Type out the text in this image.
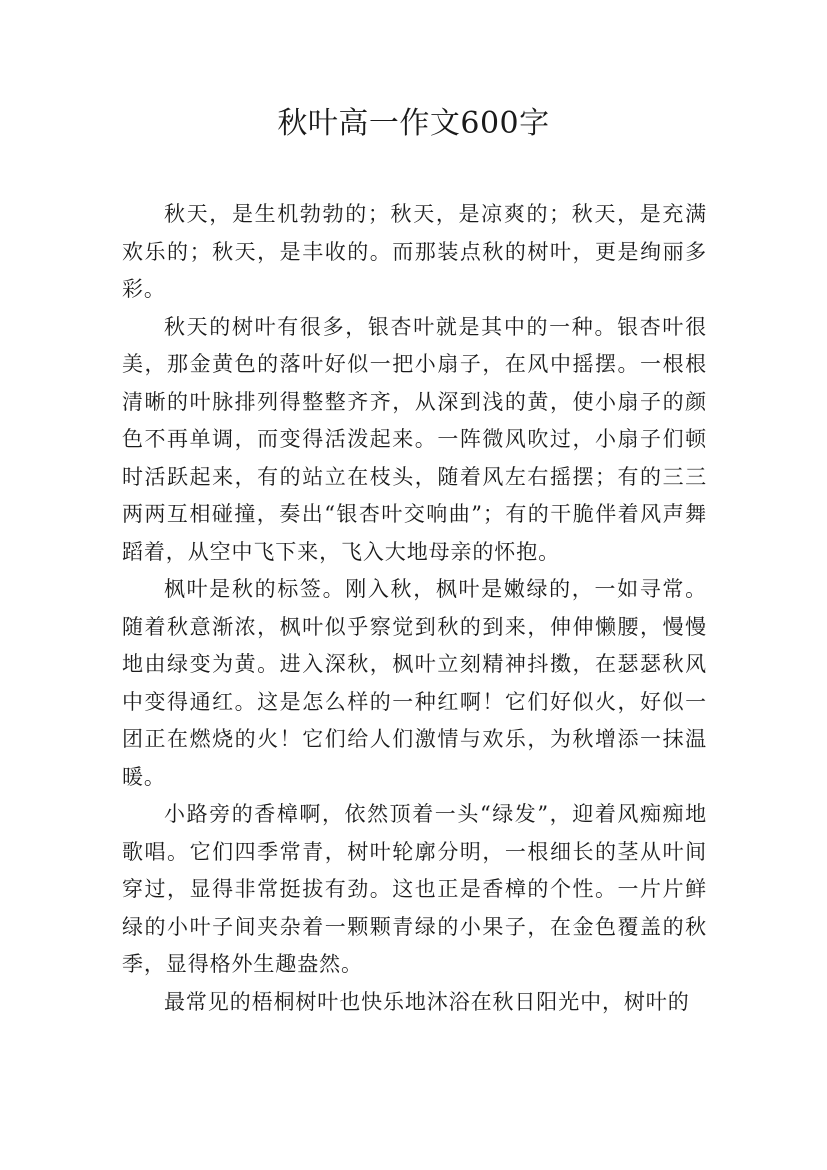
秋叶高一作文600字

秋天，是生机勃勃的；秋天，是凉爽的；秋天，是充满欢乐的；秋天，是丰收的。而那装点秋的树叶，更是绚丽多彩。

秋天的树叶有很多，银杏叶就是其中的一种。银杏叶很美，那金黄色的落叶好似一把小扇子，在风中摇摆。一根根清晰的叶脉排列得整整齐齐，从深到浅的黄，使小扇子的颜色不再单调，而变得活泼起来。一阵微风吹过，小扇子们顿时活跃起来，有的站立在枝头，随着风左右摇摆；有的三三两两互相碰撞，奏出“银杏叶交响曲”；有的干脆伴着风声舞蹈着，从空中飞下来，飞入大地母亲的怀抱。

枫叶是秋的标签。刚入秋，枫叶是嫩绿的，一如寻常。随着秋意渐浓，枫叶似乎察觉到秋的到来，伸伸懒腰，慢慢地由绿变为黄。进入深秋，枫叶立刻精神抖擞，在瑟瑟秋风中变得通红。这是怎么样的一种红啊！它们好似火，好似一团正在燃烧的火！它们给人们激情与欢乐，为秋增添一抹温暖。

小路旁的香樟啊，依然顶着一头“绿发”，迎着风痴痴地歌唱。它们四季常青，树叶轮廓分明，一根细长的茎从叶间穿过，显得非常挺拔有劲。这也正是香樟的个性。一片片鲜绿的小叶子间夹杂着一颗颗青绿的小果子，在金色覆盖的秋季，显得格外生趣盎然。

最常见的梧桐树叶也快乐地沐浴在秋日阳光中，树叶的
